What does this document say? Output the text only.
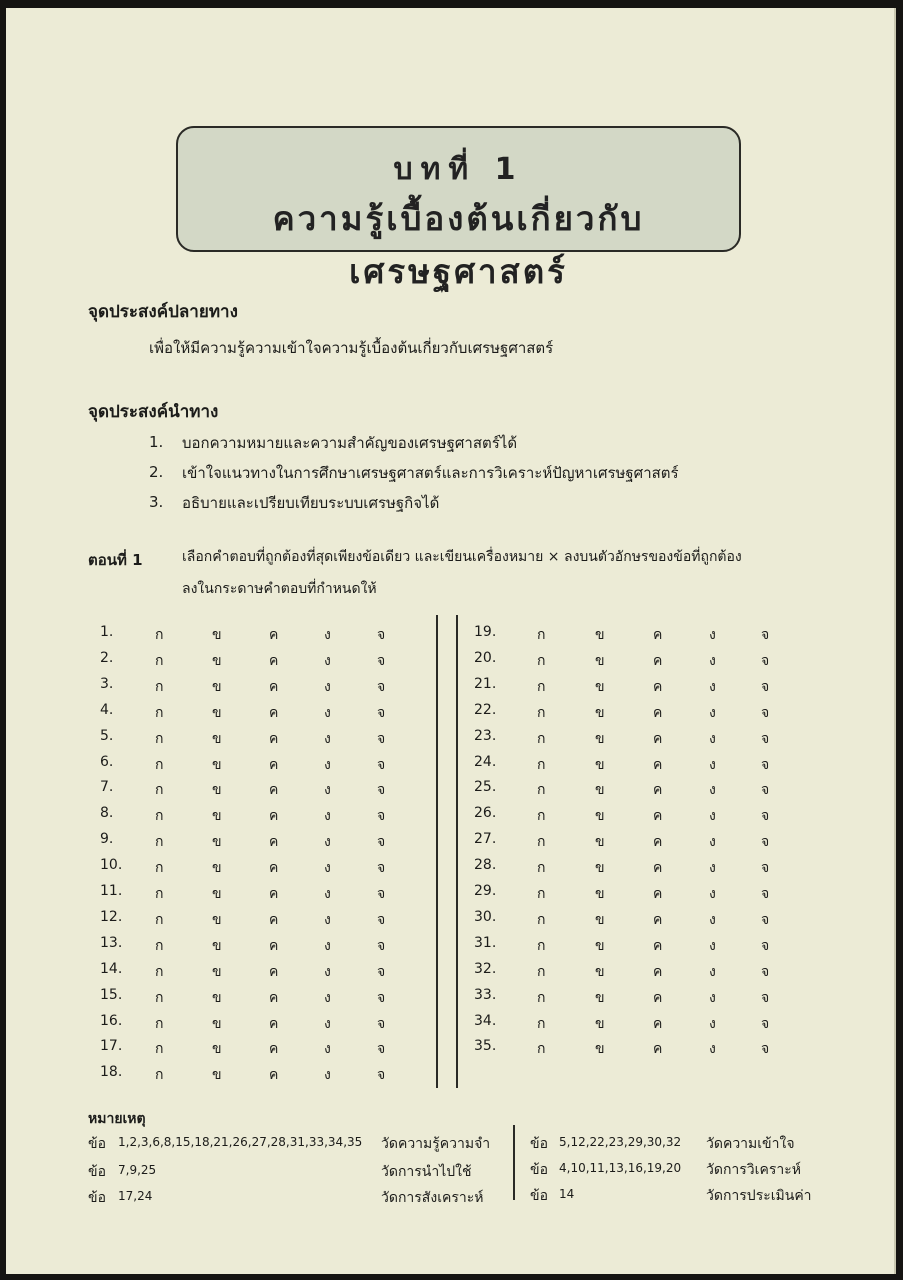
บทที่ 1
ความรู้เบื้องต้นเกี่ยวกับเศรษฐศาสตร์
จุดประสงค์ปลายทาง
เพื่อให้มีความรู้ความเข้าใจความรู้เบื้องต้นเกี่ยวกับเศรษฐศาสตร์
จุดประสงค์นำทาง
1. บอกความหมายและความสำคัญของเศรษฐศาสตร์ได้
2. เข้าใจแนวทางในการศึกษาเศรษฐศาสตร์และการวิเคราะห์ปัญหาเศรษฐศาสตร์
3. อธิบายและเปรียบเทียบระบบเศรษฐกิจได้
ตอนที่ 1	เลือกคำตอบที่ถูกต้องที่สุดเพียงข้อเดียว และเขียนเครื่องหมาย × ลงบนตัวอักษรของข้อที่ถูกต้อง
ลงในกระดาษคำตอบที่กำหนดให้
1.	ก	ข	ค	ง	จ
2.	ก	ข	ค	ง	จ
3.	ก	ข	ค	ง	จ
4.	ก	ข	ค	ง	จ
5.	ก	ข	ค	ง	จ
6.	ก	ข	ค	ง	จ
7.	ก	ข	ค	ง	จ
8.	ก	ข	ค	ง	จ
9.	ก	ข	ค	ง	จ
10. ก	ข	ค	ง	จ
11. ก	ข	ค	ง	จ
12. ก	ข	ค	ง	จ
13. ก	ข	ค	ง	จ
14. ก	ข	ค	ง	จ
15. ก	ข	ค	ง	จ
16. ก	ข	ค	ง	จ
17. ก	ข	ค	ง	จ
18. ก	ข	ค	ง	จ
19.	ก	ข	ค	ง	จ
20.	ก	ข	ค	ง	จ
21.	ก	ข	ค	ง	จ
22.	ก	ข	ค	ง	จ
23.	ก	ข	ค	ง	จ
24.	ก	ข	ค	ง	จ
25.	ก	ข	ค	ง	จ
26.	ก	ข	ค	ง	จ
27.	ก	ข	ค	ง	จ
28.	ก	ข	ค	ง	จ
29.	ก	ข	ค	ง	จ
30.	ก	ข	ค	ง	จ
31.	ก	ข	ค	ง	จ
32.	ก	ข	ค	ง	จ
33.	ก	ข	ค	ง	จ
34.	ก	ข	ค	ง	จ
35.	ก	ข	ค	ง	จ
หมายเหตุ
ข้อ 1,2,3,6,8,15,18,21,26,27,28,31,33,34,35 วัดความรู้ความจำ
ข้อ 7,9,25	วัดการนำไปใช้
ข้อ 17,24	วัดการสังเคราะห์
ข้อ 5,12,22,23,29,30,32 วัดความเข้าใจ
ข้อ 4,10,11,13,16,19,20 วัดการวิเคราะห์
ข้อ 14	วัดการประเมินค่า
